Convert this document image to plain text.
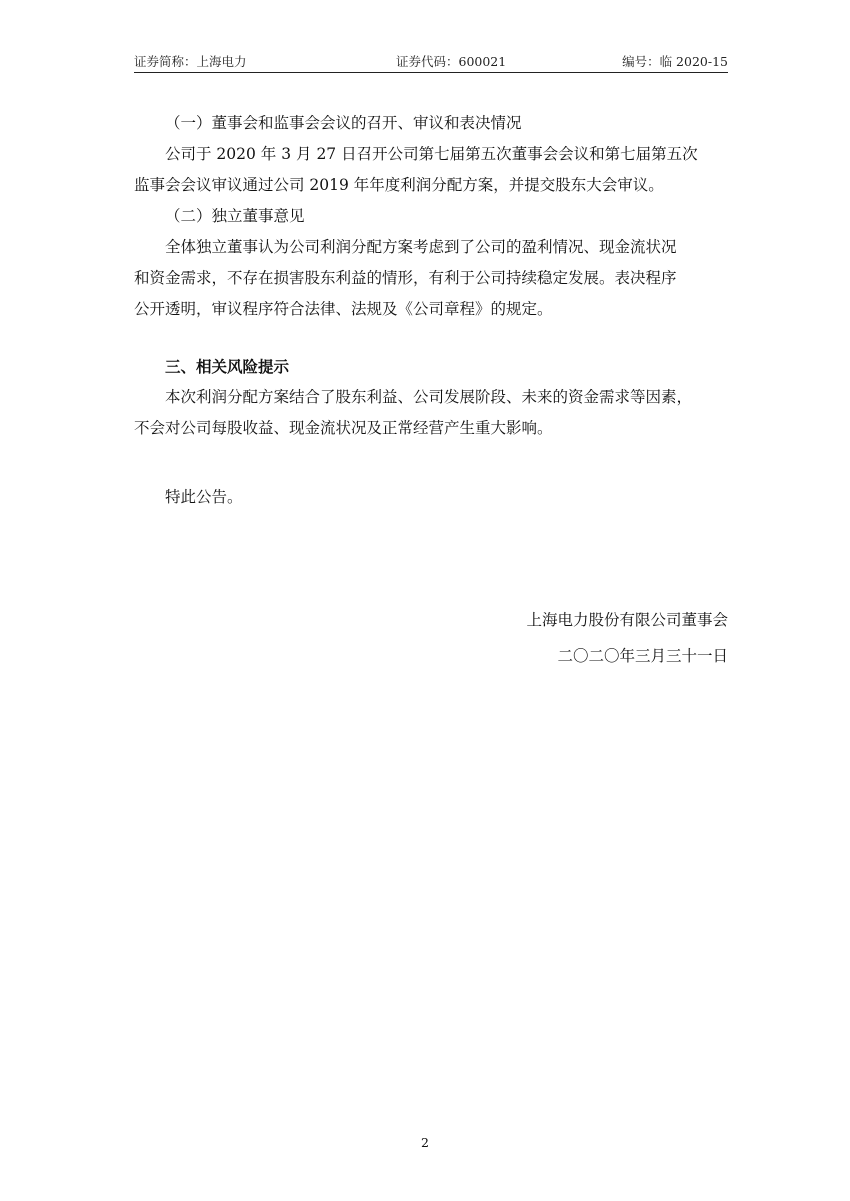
证券简称：上海电力	证券代码：600021	编号：临 2020-15

（一）董事会和监事会会议的召开、审议和表决情况

公司于 2020 年 3 月 27 日召开公司第七届第五次董事会会议和第七届第五次

监事会会议审议通过公司 2019 年年度利润分配方案，并提交股东大会审议。

（二）独立董事意见

全体独立董事认为公司利润分配方案考虑到了公司的盈利情况、现金流状况

和资金需求，不存在损害股东利益的情形，有利于公司持续稳定发展。表决程序

公开透明，审议程序符合法律、法规及《公司章程》的规定。

三、相关风险提示

本次利润分配方案结合了股东利益、公司发展阶段、未来的资金需求等因素，

不会对公司每股收益、现金流状况及正常经营产生重大影响。

特此公告。

上海电力股份有限公司董事会
二〇二〇年三月三十一日
2
